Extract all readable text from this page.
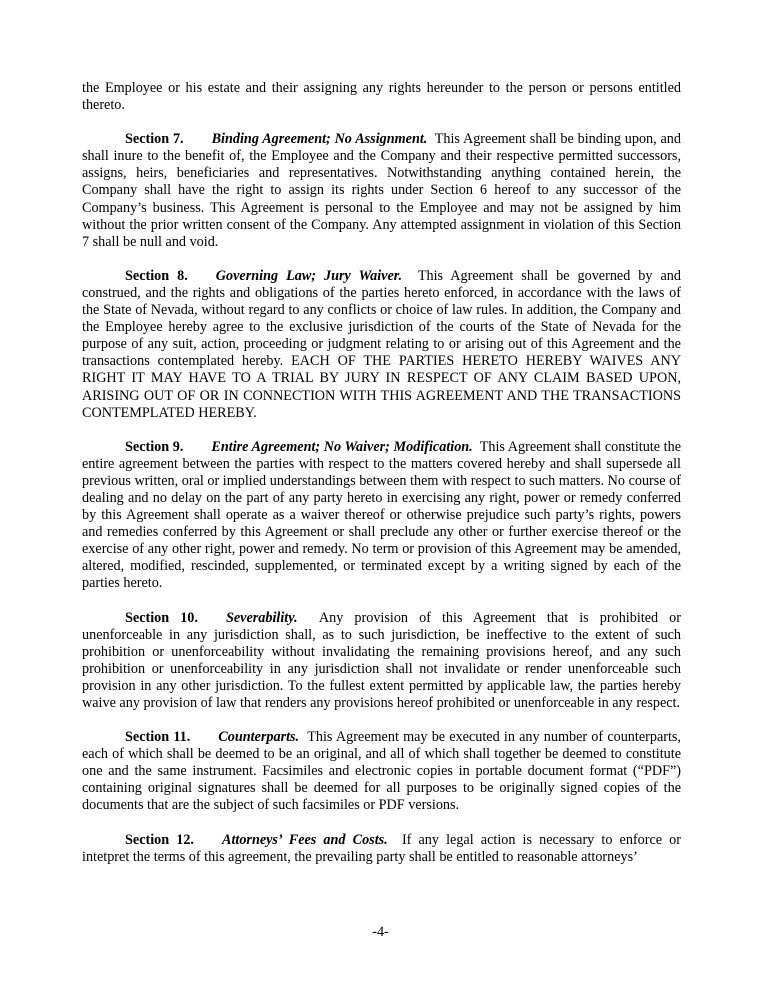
the Employee or his estate and their assigning any rights hereunder to the person or persons entitled thereto.

Section 7. Binding Agreement; No Assignment. This Agreement shall be binding upon, and shall inure to the benefit of, the Employee and the Company and their respective permitted successors, assigns, heirs, beneficiaries and representatives. Notwithstanding anything contained herein, the Company shall have the right to assign its rights under Section 6 hereof to any successor of the Company’s business. This Agreement is personal to the Employee and may not be assigned by him without the prior written consent of the Company. Any attempted assignment in violation of this Section 7 shall be null and void.

Section 8. Governing Law; Jury Waiver. This Agreement shall be governed by and construed, and the rights and obligations of the parties hereto enforced, in accordance with the laws of the State of Nevada, without regard to any conflicts or choice of law rules. In addition, the Company and the Employee hereby agree to the exclusive jurisdiction of the courts of the State of Nevada for the purpose of any suit, action, proceeding or judgment relating to or arising out of this Agreement and the transactions contemplated hereby. EACH OF THE PARTIES HERETO HEREBY WAIVES ANY RIGHT IT MAY HAVE TO A TRIAL BY JURY IN RESPECT OF ANY CLAIM BASED UPON, ARISING OUT OF OR IN CONNECTION WITH THIS AGREEMENT AND THE TRANSACTIONS CONTEMPLATED HEREBY.

Section 9. Entire Agreement; No Waiver; Modification. This Agreement shall constitute the entire agreement between the parties with respect to the matters covered hereby and shall supersede all previous written, oral or implied understandings between them with respect to such matters. No course of dealing and no delay on the part of any party hereto in exercising any right, power or remedy conferred by this Agreement shall operate as a waiver thereof or otherwise prejudice such party’s rights, powers and remedies conferred by this Agreement or shall preclude any other or further exercise thereof or the exercise of any other right, power and remedy. No term or provision of this Agreement may be amended, altered, modified, rescinded, supplemented, or terminated except by a writing signed by each of the parties hereto.

Section 10. Severability. Any provision of this Agreement that is prohibited or unenforceable in any jurisdiction shall, as to such jurisdiction, be ineffective to the extent of such prohibition or unenforceability without invalidating the remaining provisions hereof, and any such prohibition or unenforceability in any jurisdiction shall not invalidate or render unenforceable such provision in any other jurisdiction. To the fullest extent permitted by applicable law, the parties hereby waive any provision of law that renders any provisions hereof prohibited or unenforceable in any respect.

Section 11. Counterparts. This Agreement may be executed in any number of counterparts, each of which shall be deemed to be an original, and all of which shall together be deemed to constitute one and the same instrument. Facsimiles and electronic copies in portable document format (“PDF”) containing original signatures shall be deemed for all purposes to be originally signed copies of the documents that are the subject of such facsimiles or PDF versions.

Section 12. Attorneys’ Fees and Costs. If any legal action is necessary to enforce or intetpret the terms of this agreement, the prevailing party shall be entitled to reasonable attorneys’

-4-
